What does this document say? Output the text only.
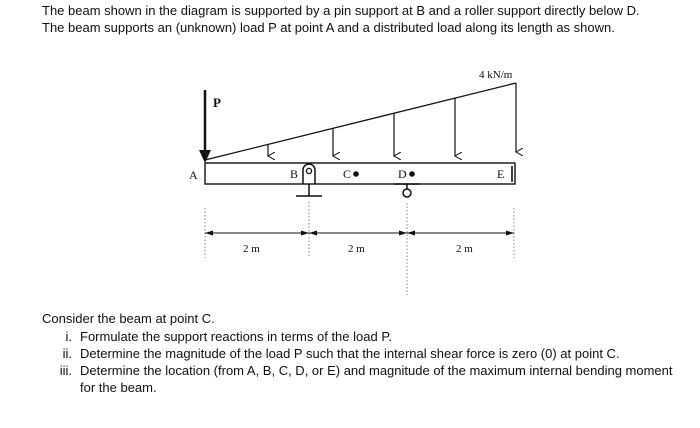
The beam shown in the diagram is supported by a pin support at B and a roller support directly below D.

The beam supports an (unknown) load P at point A and a distributed load along its length as shown.

P
4 kN/m
A	B	C	D	E
2 m	2 m	2 m

Consider the beam at point C.

i. Formulate the support reactions in terms of the load P.
ii. Determine the magnitude of the load P such that the internal shear force is zero (0) at point C.
iii. Determine the location (from A, B, C, D, or E) and magnitude of the maximum internal bending moment for the beam.
